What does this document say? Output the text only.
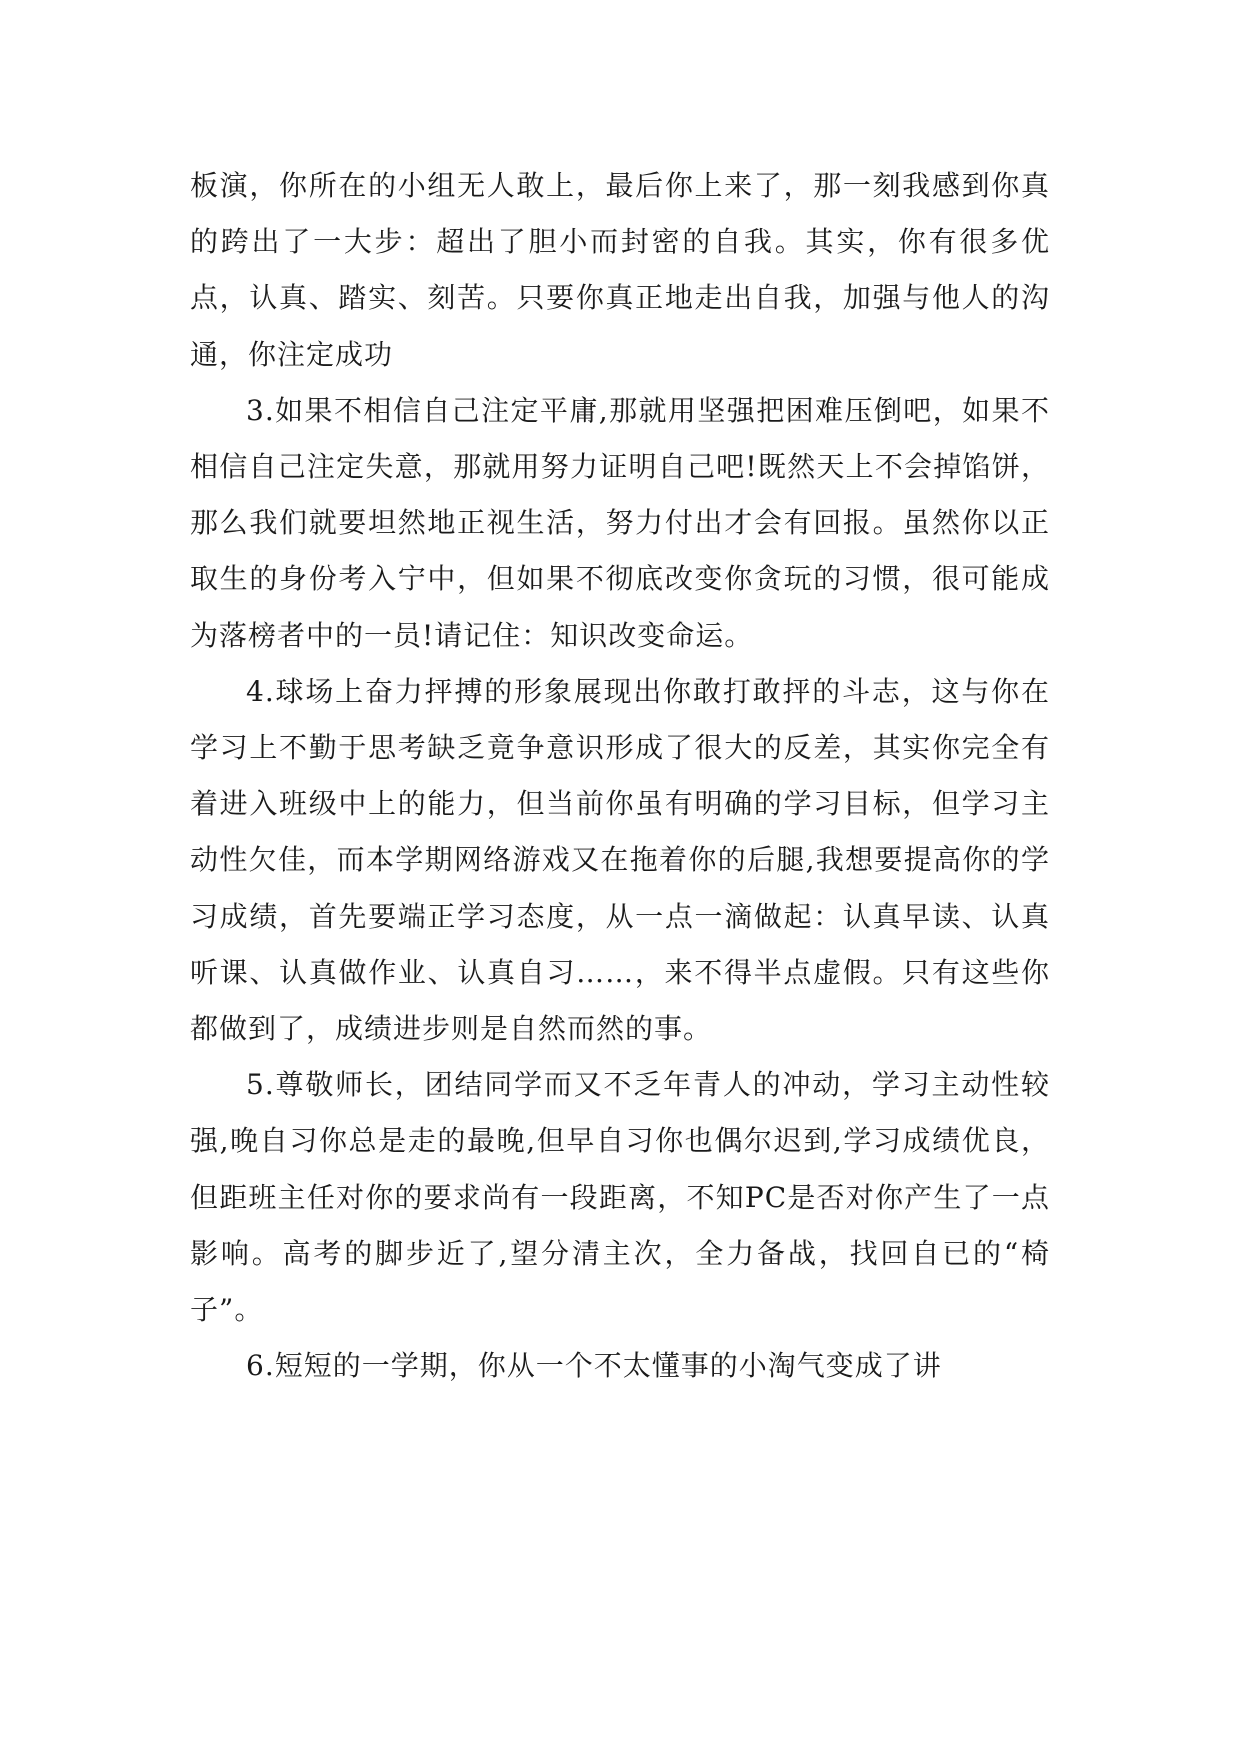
板演，你所在的小组无人敢上，最后你上来了，那一刻我感到你真的跨出了一大步：超出了胆小而封密的自我。其实，你有很多优点，认真、踏实、刻苦。只要你真正地走出自我，加强与他人的沟通，你注定成功

3.如果不相信自己注定平庸,那就用坚强把困难压倒吧，如果不相信自己注定失意，那就用努力证明自己吧!既然天上不会掉馅饼，那么我们就要坦然地正视生活，努力付出才会有回报。虽然你以正取生的身份考入宁中，但如果不彻底改变你贪玩的习惯，很可能成为落榜者中的一员!请记住：知识改变命运。

4.球场上奋力抨搏的形象展现出你敢打敢抨的斗志，这与你在学习上不勤于思考缺乏竟争意识形成了很大的反差，其实你完全有着进入班级中上的能力，但当前你虽有明确的学习目标，但学习主动性欠佳，而本学期网络游戏又在拖着你的后腿,我想要提高你的学习成绩，首先要端正学习态度，从一点一滴做起：认真早读、认真听课、认真做作业、认真自习……，来不得半点虚假。只有这些你都做到了，成绩进步则是自然而然的事。

5.尊敬师长，团结同学而又不乏年青人的冲动，学习主动性较强,晚自习你总是走的最晚,但早自习你也偶尔迟到,学习成绩优良，但距班主任对你的要求尚有一段距离，不知PC是否对你产生了一点影响。高考的脚步近了,望分清主次，全力备战，找回自已的“椅子”。

6.短短的一学期，你从一个不太懂事的小淘气变成了讲
